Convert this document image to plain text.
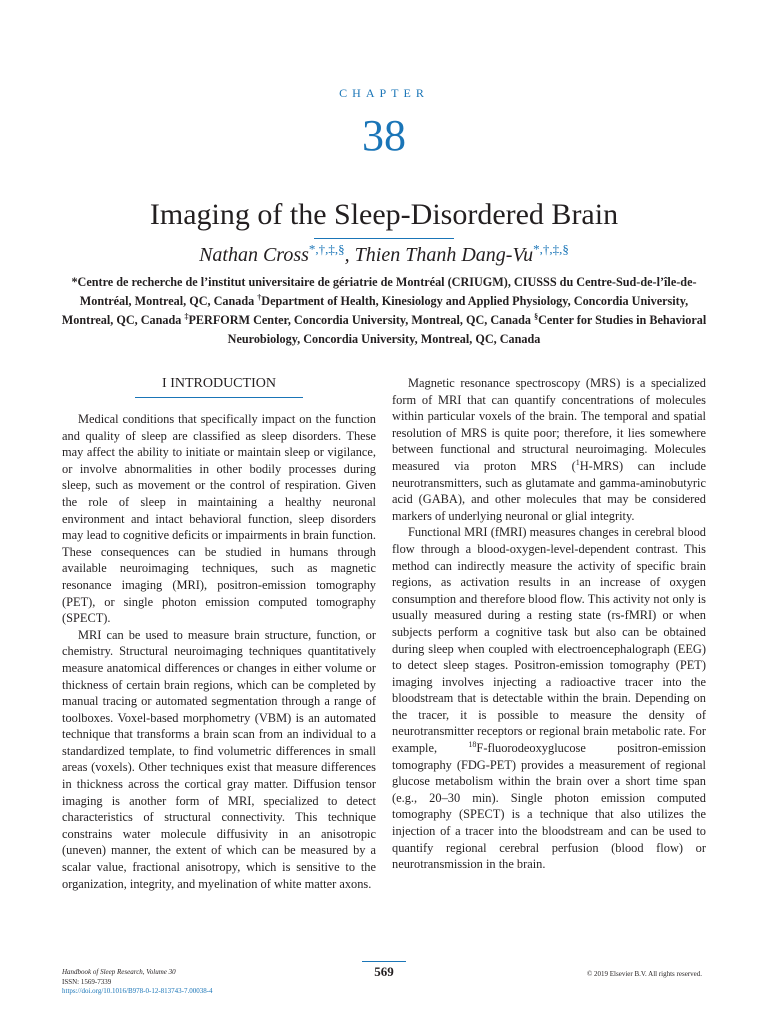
CHAPTER
38
Imaging of the Sleep-Disordered Brain
Nathan Cross*,†,‡,§, Thien Thanh Dang-Vu*,†,‡,§
*Centre de recherche de l’institut universitaire de gériatrie de Montréal (CRIUGM), CIUSSS du Centre-Sud-de-l’île-de-Montréal, Montreal, QC, Canada †Department of Health, Kinesiology and Applied Physiology, Concordia University, Montreal, QC, Canada ‡PERFORM Center, Concordia University, Montreal, QC, Canada §Center for Studies in Behavioral Neurobiology, Concordia University, Montreal, QC, Canada
I INTRODUCTION

Medical conditions that specifically impact on the function and quality of sleep are classified as sleep disorders. These may affect the ability to initiate or maintain sleep or vigilance, or involve abnormalities in other bodily processes during sleep, such as movement or the control of respiration. Given the role of sleep in maintaining a healthy neuronal environment and intact behavioral function, sleep disorders may lead to cognitive deficits or impairments in brain function. These consequences can be studied in humans through available neuroimaging techniques, such as magnetic resonance imaging (MRI), positron-emission tomography (PET), or single photon emission computed tomography (SPECT).

MRI can be used to measure brain structure, function, or chemistry. Structural neuroimaging techniques quantitatively measure anatomical differences or changes in either volume or thickness of certain brain regions, which can be completed by manual tracing or automated segmentation through a range of toolboxes. Voxel-based morphometry (VBM) is an automated technique that transforms a brain scan from an individual to a standardized template, to find volumetric differences in small areas (voxels). Other techniques exist that measure differences in thickness across the cortical gray matter. Diffusion tensor imaging is another form of MRI, specialized to detect characteristics of structural connectivity. This technique constrains water molecule diffusivity in an anisotropic (uneven) manner, the extent of which can be measured by a scalar value, fractional anisotropy, which is sensitive to the organization, integrity, and myelination of white matter axons.

Magnetic resonance spectroscopy (MRS) is a specialized form of MRI that can quantify concentrations of molecules within particular voxels of the brain. The temporal and spatial resolution of MRS is quite poor; therefore, it lies somewhere between functional and structural neuroimaging. Molecules measured via proton MRS ($^1$H-MRS) can include neurotransmitters, such as glutamate and gamma-aminobutyric acid (GABA), and other molecules that may be considered markers of underlying neuronal or glial integrity.

Functional MRI (fMRI) measures changes in cerebral blood flow through a blood-oxygen-level-dependent contrast. This method can indirectly measure the activity of specific brain regions, as activation results in an increase of oxygen consumption and therefore blood flow. This activity not only is usually measured during a resting state (rs-fMRI) or when subjects perform a cognitive task but also can be obtained during sleep when coupled with electroencephalograph (EEG) to detect sleep stages. Positron-emission tomography (PET) imaging involves injecting a radioactive tracer into the bloodstream that is detectable within the brain. Depending on the tracer, it is possible to measure the density of neurotransmitter receptors or regional brain metabolic rate. For example, $^{18}$F-fluorodeoxyglucose positron-emission tomography (FDG-PET) provides a measurement of regional glucose metabolism within the brain over a short time span (e.g., 20–30 min). Single photon emission computed tomography (SPECT) is a technique that also utilizes the injection of a tracer into the bloodstream and can be used to quantify regional cerebral perfusion (blood flow) or neurotransmission in the brain.

Handbook of Sleep Research, Volume 30
ISSN: 1569-7339
https://doi.org/10.1016/B978-0-12-813743-7.00038-4
569	© 2019 Elsevier B.V. All rights reserved.
